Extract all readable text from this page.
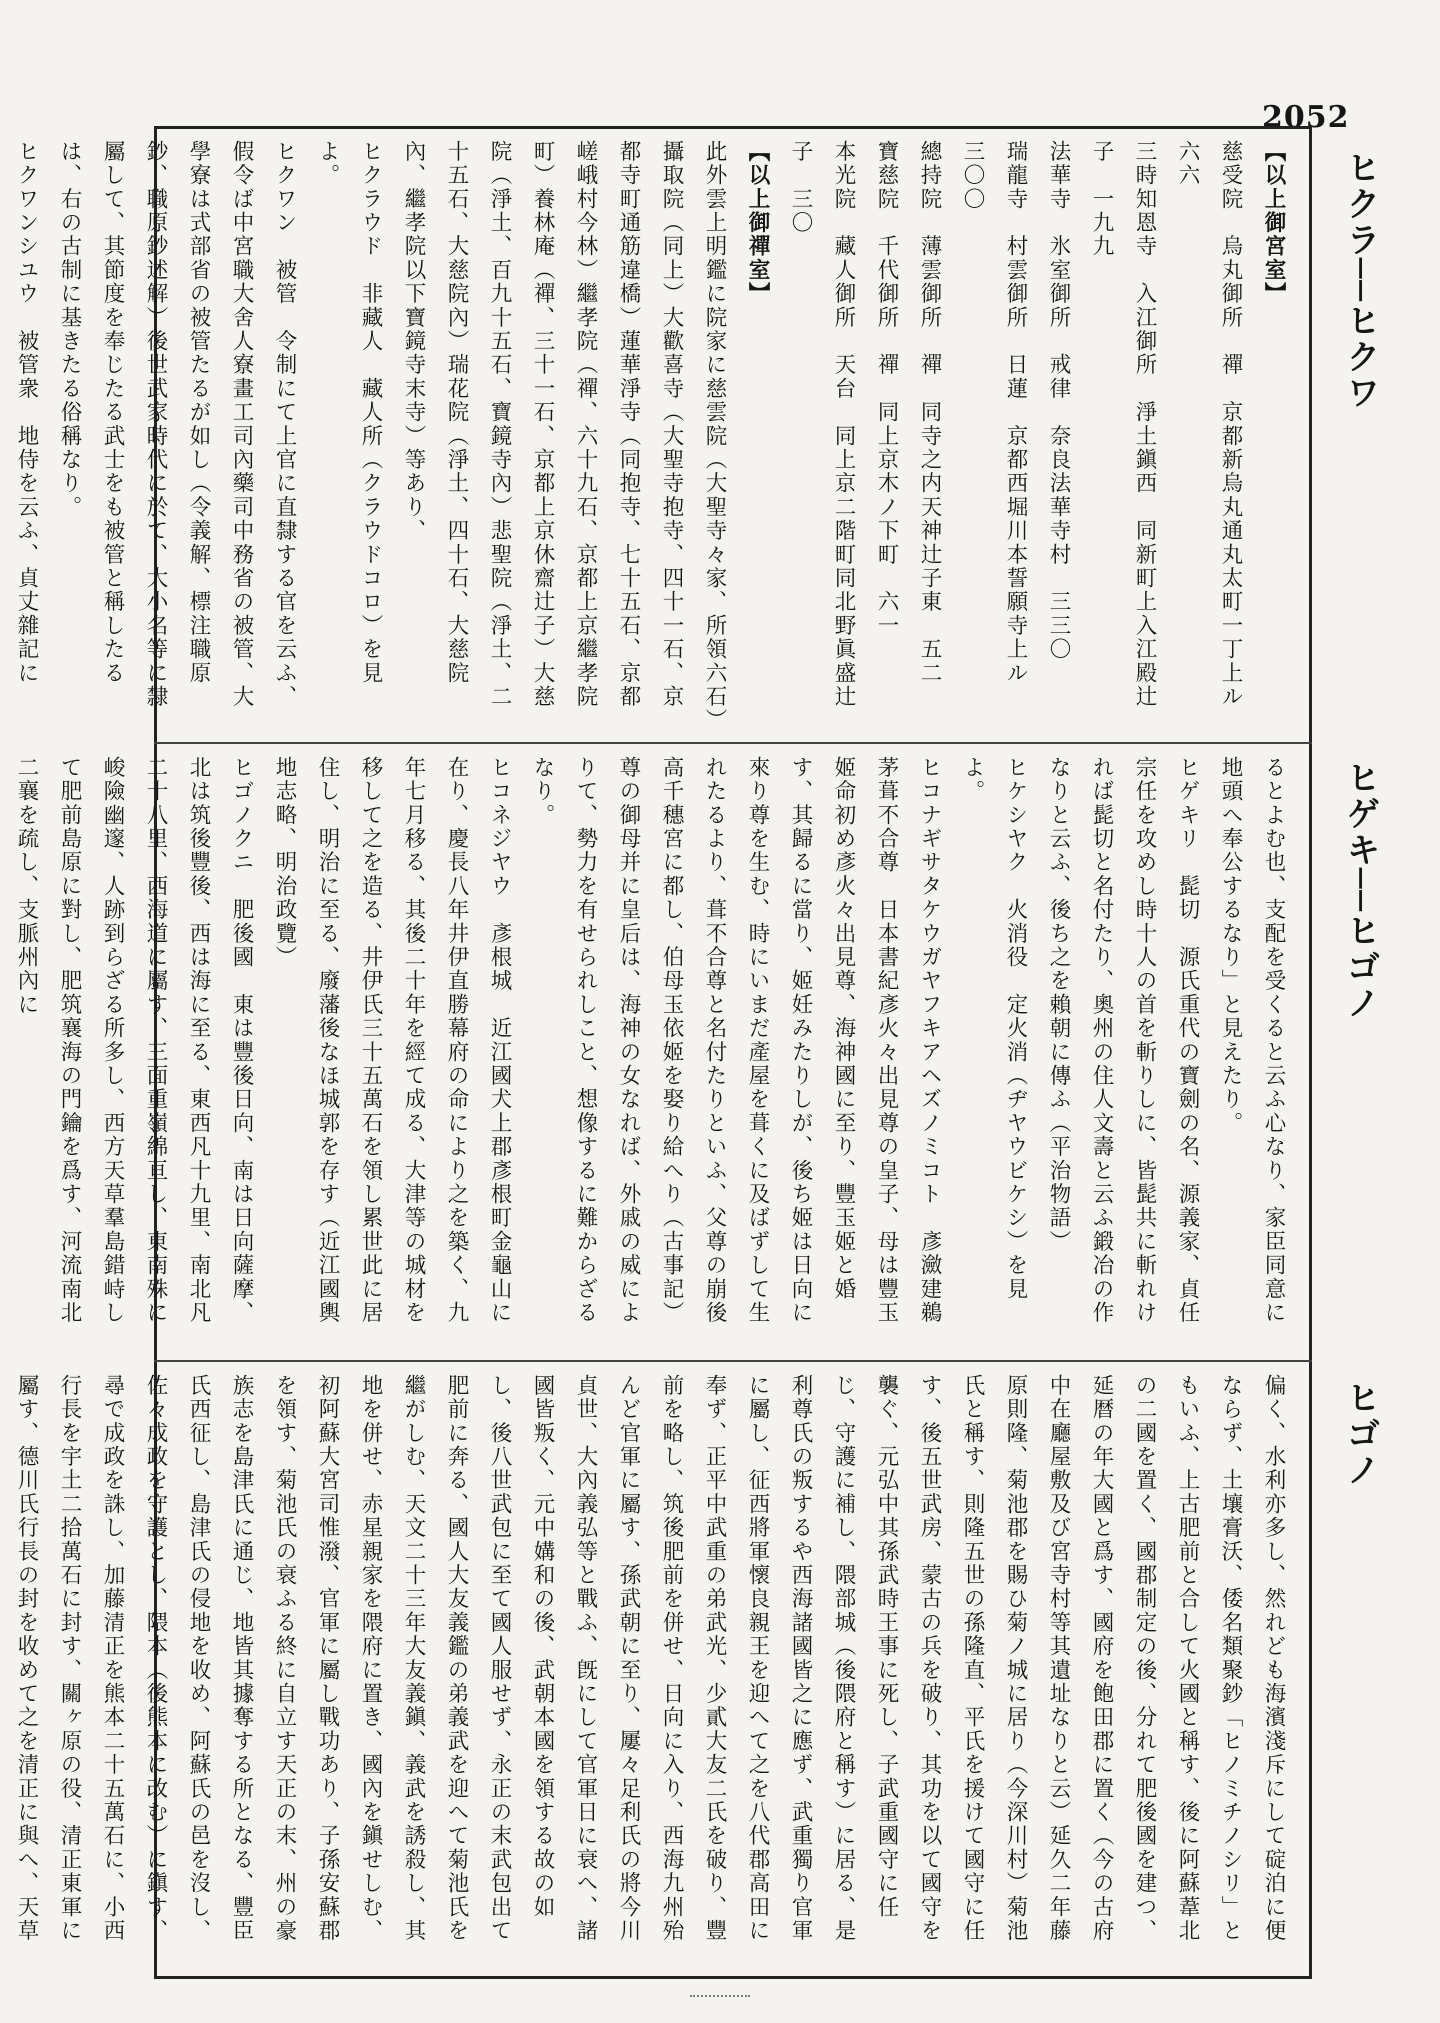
2052
ヒクラ──ヒクワ
ヒゲキ──ヒゴノ
ヒゴノ

【以上御宮室】

慈受院　烏丸御所　禪　京都新烏丸通丸太町一丁上ル　六六

三時知恩寺　入江御所　淨土鎭西　同新町上入江殿辻子　一九九

法華寺　氷室御所　戒律　奈良法華寺村　三三〇

瑞龍寺　村雲御所　日蓮　京都西堀川本誓願寺上ル　三〇〇

總持院　薄雲御所　禪　同寺之内天神辻子東　五二

寶慈院　千代御所　禪　同上京木ノ下町　六一

本光院　藏人御所　天台　同上京二階町同北野眞盛辻子　三〇

【以上御禪室】

此外雲上明鑑に院家に慈雲院（大聖寺々家、所領六石）攝取院（同上）大歡喜寺（大聖寺抱寺、四十一石、京都寺町通筋違橋）蓮華淨寺（同抱寺、七十五石、京都嵯峨村今林）繼孝院（禪、六十九石、京都上京繼孝院町）養林庵（禪、三十一石、京都上京休齋辻子）大慈院（淨土、百九十五石、寶鏡寺內）悲聖院（淨土、二十五石、大慈院內）瑞花院（淨土、四十石、大慈院內、繼孝院以下寶鏡寺末寺）等あり、

ヒクラウド　非藏人　藏人所（クラウドコロ）を見よ。

ヒクワン　被管　令制にて上官に直隸する官を云ふ、假令ば中宮職大舍人寮畫工司內藥司中務省の被管、大學寮は式部省の被管たるが如し（令義解、標注職原鈔、職原鈔述解）後世武家時代に於て、大小名等に隸屬して、其節度を奉じたる武士をも被管と稱したるは、右の古制に基きたる俗稱なり。

ヒクワンシユウ　被管衆　地侍を云ふ、貞丈雜記に

るとよむ也、支配を受くると云ふ心なり、家臣同意に地頭へ奉公するなり」と見えたり。

ヒゲキリ　髭切　源氏重代の寶劍の名、源義家、貞任宗任を攻めし時十人の首を斬りしに、皆髭共に斬れければ髭切と名付たり、奧州の住人文壽と云ふ鍛冶の作なりと云ふ、後ち之を賴朝に傳ふ（平治物語）

ヒケシヤク　火消役　定火消（ヂヤウビケシ）を見よ。

ヒコナギサタケウガヤフキアヘズノミコト　彥瀲建鵜茅葺不合尊　日本書紀彥火々出見尊の皇子、母は豐玉姬命初め彥火々出見尊、海神國に至り、豐玉姬と婚す、其歸るに當り、姬妊みたりしが、後ち姬は日向に來り尊を生む、時にいまだ產屋を葺くに及ばずして生れたるより、葺不合尊と名付たりといふ、父尊の崩後高千穗宮に都し、伯母玉依姬を娶り給へり（古事記）尊の御母并に皇后は、海神の女なれば、外戚の威によりて、勢力を有せられしこと、想像するに難からざるなり。

ヒコネジヤウ　彥根城　近江國犬上郡彥根町金龜山に在り、慶長八年井伊直勝幕府の命により之を築く、九年七月移る、其後二十年を經て成る、大津等の城材を移して之を造る、井伊氏三十五萬石を領し累世此に居住し、明治に至る、廢藩後なほ城郭を存す（近江國輿地志略、明治政覽）

ヒゴノクニ　肥後國　東は豐後日向、南は日向薩摩、北は筑後豐後、西は海に至る、東西凡十九里、南北凡二十八里、西海道に屬す、三面重嶺綿亘し、東南殊に峻險幽邃、人跡到らざる所多し、西方天草羣島錯峙して肥前島原に對し、肥筑襄海の門鑰を爲す、河流南北二襄を疏し、支脈州內に

偏く、水利亦多し、然れども海濱淺斥にして碇泊に便ならず、土壤膏沃、倭名類聚鈔「ヒノミチノシリ」ともいふ、上古肥前と合して火國と稱す、後に阿蘇葦北の二國を置く、國郡制定の後、分れて肥後國を建つ、延暦の年大國と爲す、國府を飽田郡に置く（今の古府中在廳屋敷及び宮寺村等其遺址なりと云）延久二年藤原則隆、菊池郡を賜ひ菊ノ城に居り（今深川村）菊池氏と稱す、則隆五世の孫隆直、平氏を援けて國守に任す、後五世武房、蒙古の兵を破り、其功を以て國守を襲ぐ、元弘中其孫武時王事に死し、子武重國守に任じ、守護に補し、隈部城（後隈府と稱す）に居る、是利尊氏の叛するや西海諸國皆之に應ず、武重獨り官軍に屬し、征西將軍懷良親王を迎へて之を八代郡高田に奉ず、正平中武重の弟武光、少貳大友二氏を破り、豐前を略し、筑後肥前を併せ、日向に入り、西海九州殆んど官軍に屬す、孫武朝に至り、屢々足利氏の將今川貞世、大內義弘等と戰ふ、旣にして官軍日に衰へ、諸國皆叛く、元中媾和の後、武朝本國を領する故の如し、後八世武包に至て國人服せず、永正の末武包出て肥前に奔る、國人大友義鑑の弟義武を迎へて菊池氏を繼がしむ、天文二十三年大友義鎭、義武を誘殺し、其地を併せ、赤星親家を隈府に置き、國內を鎭せしむ、初阿蘇大宮司惟潑、官軍に屬し戰功あり、子孫安蘇郡を領す、菊池氏の衰ふる終に自立す天正の末、州の豪族志を島津氏に通じ、地皆其據奪する所となる、豐臣氏西征し、島津氏の侵地を收め、阿蘇氏の邑を沒し、佐々成政を守護とし、隈本（後熊本に改む）に鎭す、尋で成政を誅し、加藤清正を熊本二十五萬石に、小西行長を宇土二拾萬石に封す、關ヶ原の役、清正東軍に屬す、德川氏行長の封を收めて之を清正に與へ、天草
